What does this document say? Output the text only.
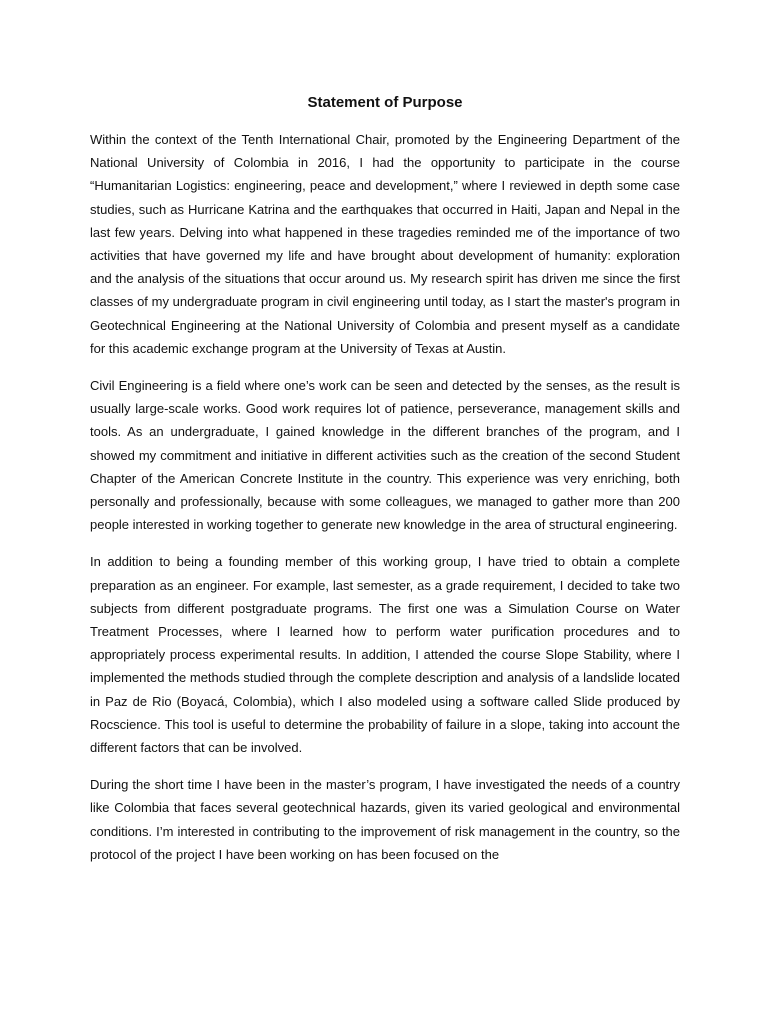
Statement of Purpose

Within the context of the Tenth International Chair, promoted by the Engineering Department of the National University of Colombia in 2016, I had the opportunity to participate in the course “Humanitarian Logistics: engineering, peace and development,” where I reviewed in depth some case studies, such as Hurricane Katrina and the earthquakes that occurred in Haiti, Japan and Nepal in the last few years. Delving into what happened in these tragedies reminded me of the importance of two activities that have governed my life and have brought about development of humanity: exploration and the analysis of the situations that occur around us. My research spirit has driven me since the first classes of my undergraduate program in civil engineering until today, as I start the master's program in Geotechnical Engineering at the National University of Colombia and present myself as a candidate for this academic exchange program at the University of Texas at Austin.

Civil Engineering is a field where one’s work can be seen and detected by the senses, as the result is usually large-scale works. Good work requires lot of patience, perseverance, management skills and tools. As an undergraduate, I gained knowledge in the different branches of the program, and I showed my commitment and initiative in different activities such as the creation of the second Student Chapter of the American Concrete Institute in the country. This experience was very enriching, both personally and professionally, because with some colleagues, we managed to gather more than 200 people interested in working together to generate new knowledge in the area of structural engineering.

In addition to being a founding member of this working group, I have tried to obtain a complete preparation as an engineer. For example, last semester, as a grade requirement, I decided to take two subjects from different postgraduate programs. The first one was a Simulation Course on Water Treatment Processes, where I learned how to perform water purification procedures and to appropriately process experimental results. In addition, I attended the course Slope Stability, where I implemented the methods studied through the complete description and analysis of a landslide located in Paz de Rio (Boyacá, Colombia), which I also modeled using a software called Slide produced by Rocscience. This tool is useful to determine the probability of failure in a slope, taking into account the different factors that can be involved.

During the short time I have been in the master’s program, I have investigated the needs of a country like Colombia that faces several geotechnical hazards, given its varied geological and environmental conditions. I’m interested in contributing to the improvement of risk management in the country, so the protocol of the project I have been working on has been focused on the
